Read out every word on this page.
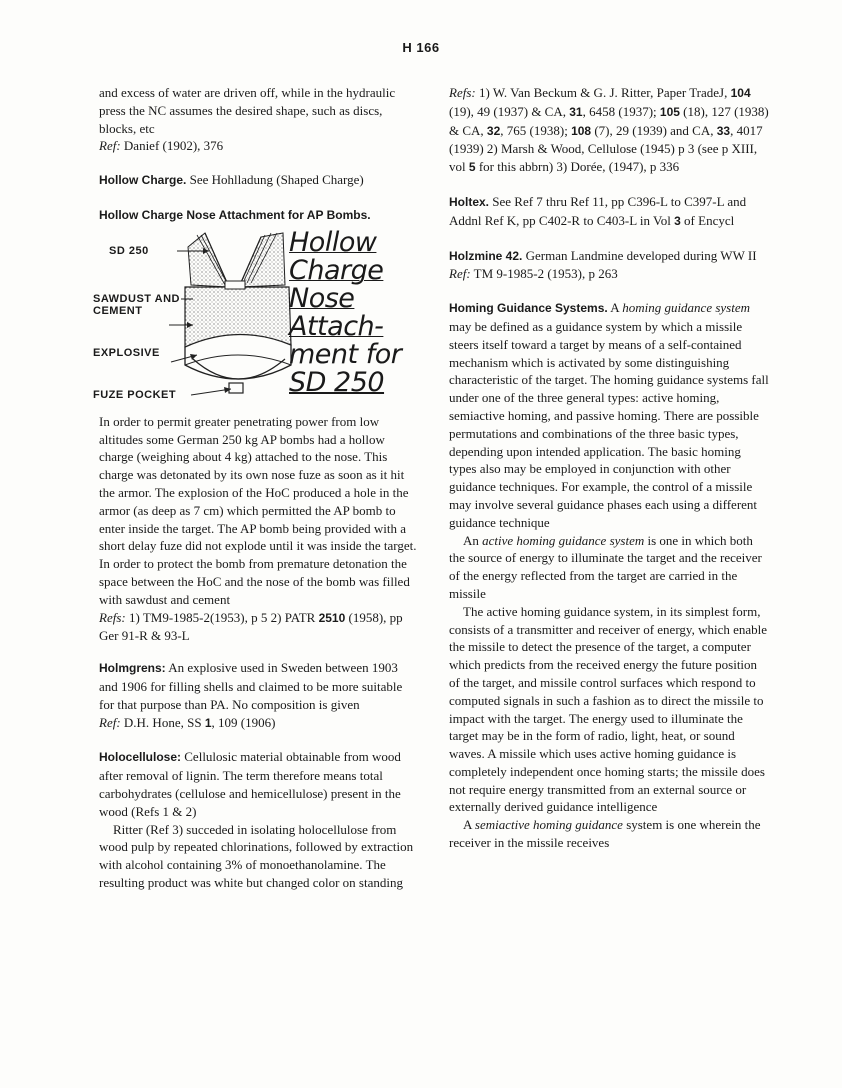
H 166

and excess of water are driven off, while in the hydraulic press the NC assumes the desired shape, such as discs, blocks, etc
Ref: Danief (1902), 376

Hollow Charge. See Hohlladung (Shaped Charge)

Hollow Charge Nose Attachment for AP Bombs.

SD 250
SAWDUST AND
CEMENT
EXPLOSIVE
FUZE POCKET
Hollow
Charge
Nose
Attach-
ment for
SD 250

In order to permit greater penetrating power from low altitudes some German 250 kg AP bombs had a hollow charge (weighing about 4 kg) attached to the nose. This charge was detonated by its own nose fuze as soon as it hit the armor. The explosion of the HoC produced a hole in the armor (as deep as 7 cm) which permitted the AP bomb to enter inside the target. The AP bomb being provided with a short delay fuze did not explode until it was inside the target. In order to protect the bomb from premature detonation the space between the HoC and the nose of the bomb was filled with sawdust and cement

Refs: 1) TM9-1985-2(1953), p 5 2) PATR 2510 (1958), pp Ger 91-R & 93-L

Holmgrens: An explosive used in Sweden between 1903 and 1906 for filling shells and claimed to be more suitable for that purpose than PA. No composition is given
Ref: D.H. Hone, SS 1, 109 (1906)

Holocellulose: Cellulosic material obtainable from wood after removal of lignin. The term therefore means total carbohydrates (cellulose and hemicellulose) present in the wood (Refs 1 & 2)

Ritter (Ref 3) succeded in isolating holocellulose from wood pulp by repeated chlorinations, followed by extraction with alcohol containing 3% of monoethanolamine. The resulting product was white but changed color on standing

Refs: 1) W. Van Beckum & G. J. Ritter, Paper TradeJ, 104 (19), 49 (1937) & CA, 31, 6458 (1937); 105 (18), 127 (1938) & CA, 32, 765 (1938); 108 (7), 29 (1939) and CA, 33, 4017 (1939) 2) Marsh & Wood, Cellulose (1945) p 3 (see p XIII, vol 5 for this abbrn) 3) Dorée, (1947), p 336

Holtex. See Ref 7 thru Ref 11, pp C396-L to C397-L and Addnl Ref K, pp C402-R to C403-L in Vol 3 of Encycl

Holzmine 42. German Landmine developed during WW II
Ref: TM 9-1985-2 (1953), p 263

Homing Guidance Systems. A homing guidance system may be defined as a guidance system by which a missile steers itself toward a target by means of a self-contained mechanism which is activated by some distinguishing characteristic of the target. The homing guidance systems fall under one of the three general types: active homing, semiactive homing, and passive homing. There are possible permutations and combinations of the three basic types, depending upon intended application. The basic homing types also may be employed in conjunction with other guidance techniques. For example, the control of a missile may involve several guidance phases each using a different guidance technique

An active homing guidance system is one in which both the source of energy to illuminate the target and the receiver of the energy reflected from the target are carried in the missile

The active homing guidance system, in its simplest form, consists of a transmitter and receiver of energy, which enable the missile to detect the presence of the target, a computer which predicts from the received energy the future position of the target, and missile control surfaces which respond to computed signals in such a fashion as to direct the missile to impact with the target. The energy used to illuminate the target may be in the form of radio, light, heat, or sound waves. A missile which uses active homing guidance is completely independent once homing starts; the missile does not require energy transmitted from an external source or externally derived guidance intelligence

A semiactive homing guidance system is one wherein the receiver in the missile receives
